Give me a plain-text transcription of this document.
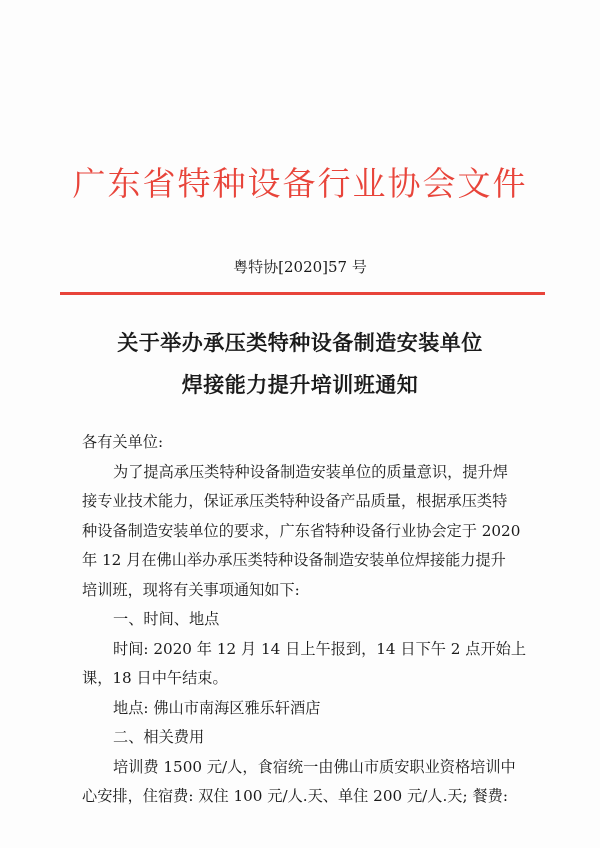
广东省特种设备行业协会文件
粤特协[2020]57 号
关于举办承压类特种设备制造安装单位
焊接能力提升培训班通知

各有关单位:

为了提高承压类特种设备制造安装单位的质量意识，提升焊

接专业技术能力，保证承压类特种设备产品质量，根据承压类特

种设备制造安装单位的要求，广东省特种设备行业协会定于 2020

年 12 月在佛山举办承压类特种设备制造安装单位焊接能力提升

培训班，现将有关事项通知如下:

一、时间、地点

时间: 2020 年 12 月 14 日上午报到，14 日下午 2 点开始上

课，18 日中午结束。

地点: 佛山市南海区雅乐轩酒店

二、相关费用

培训费 1500 元/人，食宿统一由佛山市质安职业资格培训中

心安排，住宿费: 双住 100 元/人.天、单住 200 元/人.天; 餐费:
